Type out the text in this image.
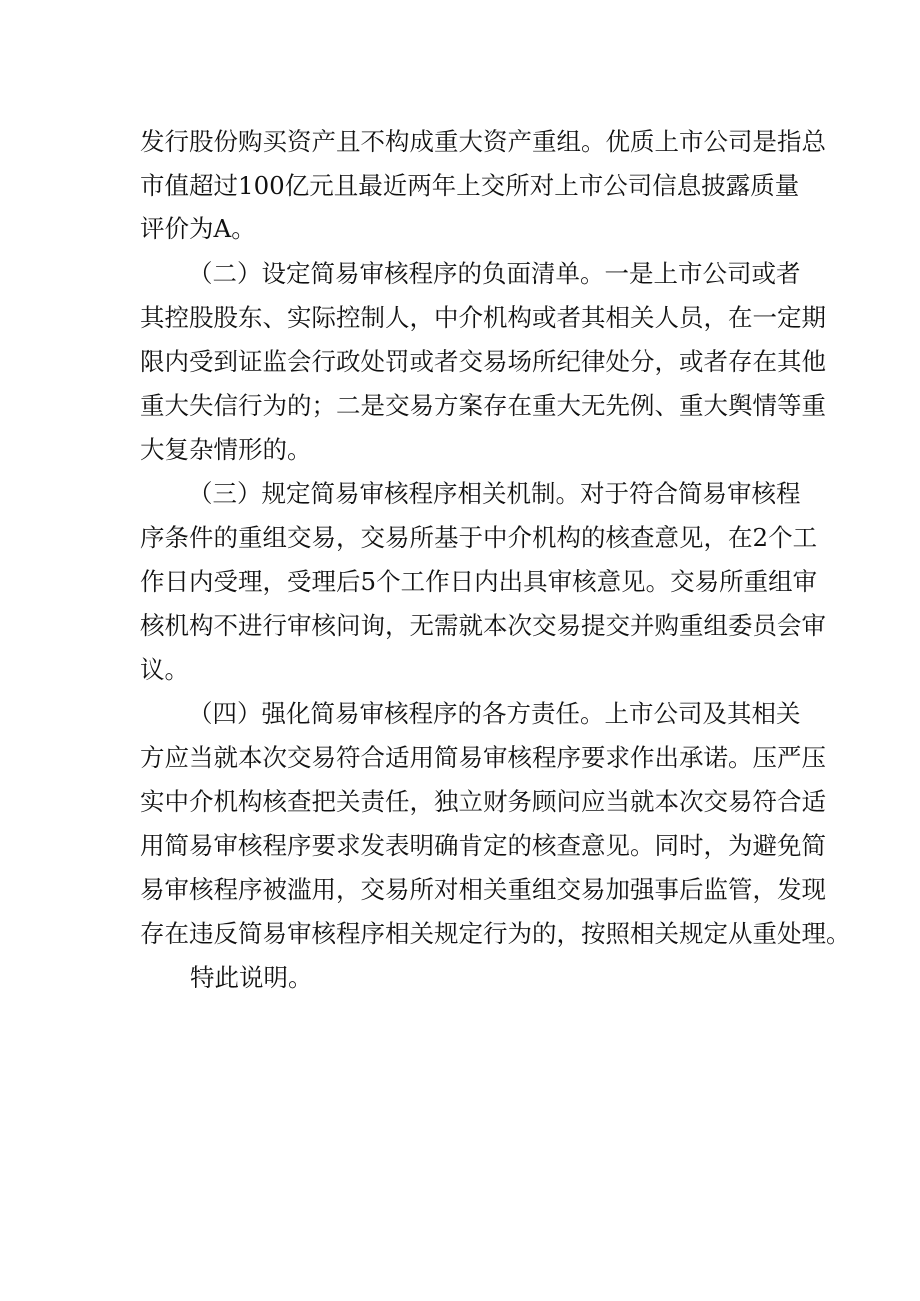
发行股份购买资产且不构成重大资产重组。优质上市公司是指总
市值超过100亿元且最近两年上交所对上市公司信息披露质量
评价为A。
（二）设定简易审核程序的负面清单。一是上市公司或者
其控股股东、实际控制人，中介机构或者其相关人员，在一定期
限内受到证监会行政处罚或者交易场所纪律处分，或者存在其他
重大失信行为的；二是交易方案存在重大无先例、重大舆情等重
大复杂情形的。
（三）规定简易审核程序相关机制。对于符合简易审核程
序条件的重组交易，交易所基于中介机构的核查意见，在2个工
作日内受理，受理后5个工作日内出具审核意见。交易所重组审
核机构不进行审核问询，无需就本次交易提交并购重组委员会审
议。
（四）强化简易审核程序的各方责任。上市公司及其相关
方应当就本次交易符合适用简易审核程序要求作出承诺。压严压
实中介机构核查把关责任，独立财务顾问应当就本次交易符合适
用简易审核程序要求发表明确肯定的核查意见。同时，为避免简
易审核程序被滥用，交易所对相关重组交易加强事后监管，发现
存在违反简易审核程序相关规定行为的，按照相关规定从重处理。
特此说明。
